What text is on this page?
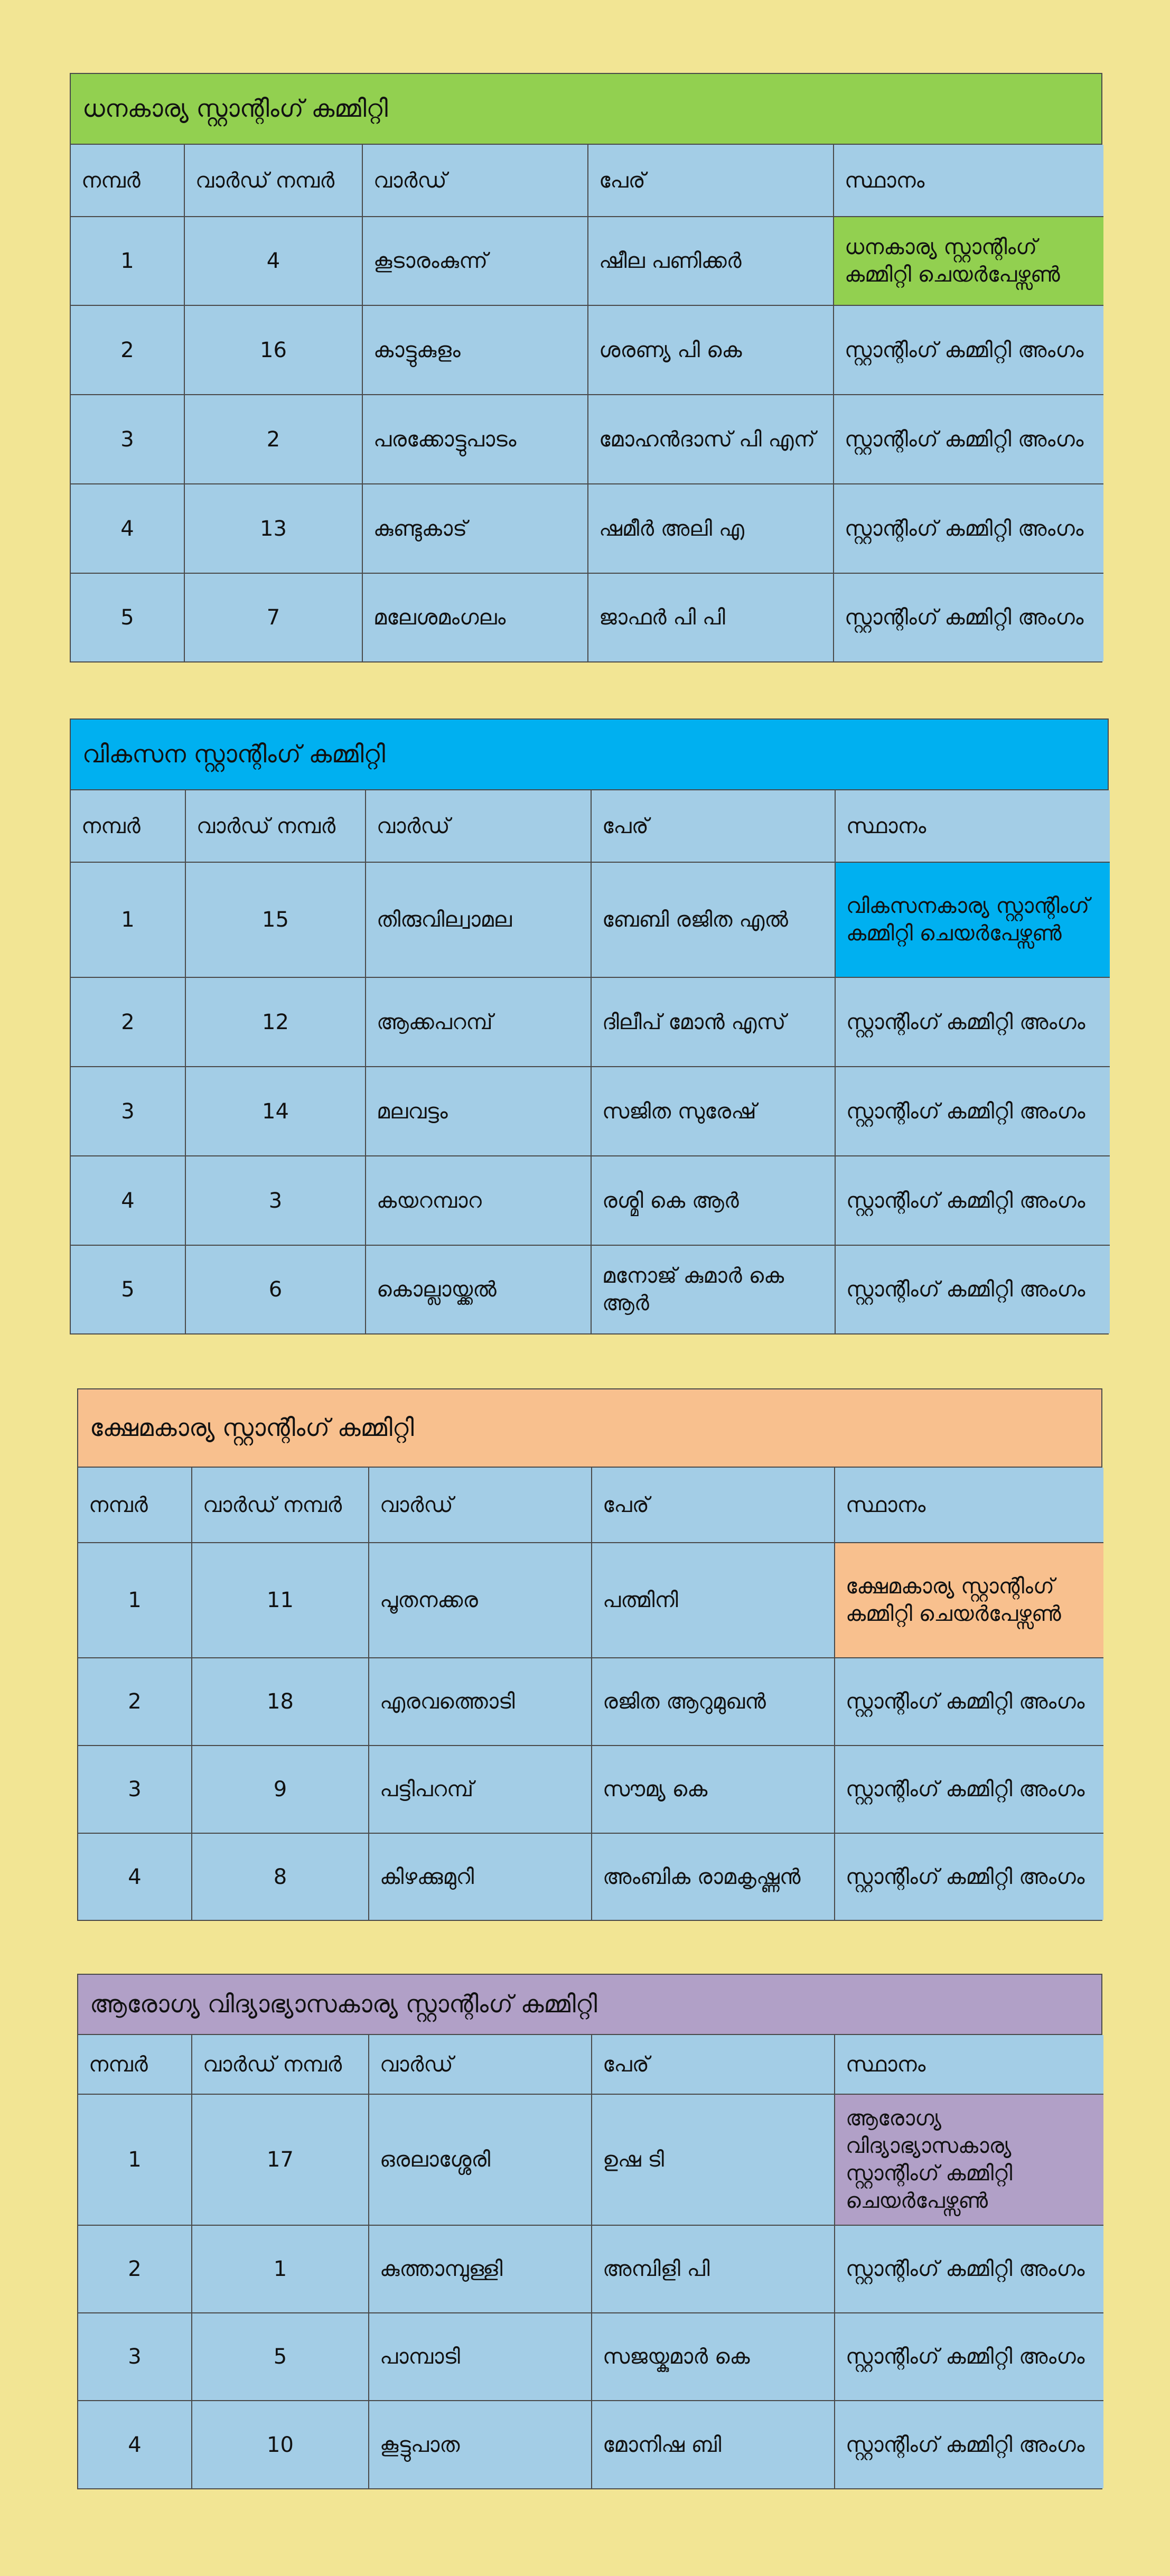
ധനകാര്യ സ്റ്റാന്റിംഗ് കമ്മിറ്റി
നമ്പർ	വാർഡ് നമ്പർ	വാർഡ്	പേര്	സ്ഥാനം
1	4	കൂടാരംകുന്ന്	ഷീല പണിക്കർ	ധനകാര്യ സ്റ്റാന്റിംഗ് കമ്മിറ്റി ചെയർപേഴ്സൺ
2	16	കാട്ടുകുളം	ശരണ്യ പി കെ	സ്റ്റാന്റിംഗ് കമ്മിറ്റി അംഗം
3	2	പരക്കോട്ടുപാടം	മോഹൻദാസ് പി എന്	സ്റ്റാന്റിംഗ് കമ്മിറ്റി അംഗം
4	13	കുണ്ടുകാട്	ഷമീർ അലി എ	സ്റ്റാന്റിംഗ് കമ്മിറ്റി അംഗം
5	7	മലേശമംഗലം	ജാഫർ പി പി	സ്റ്റാന്റിംഗ് കമ്മിറ്റി അംഗം
വികസന സ്റ്റാന്റിംഗ് കമ്മിറ്റി
നമ്പർ	വാർഡ് നമ്പർ	വാർഡ്	പേര്	സ്ഥാനം
1	15	തിരുവില്വാമല	ബേബി രജിത എൽ	വികസനകാര്യ സ്റ്റാന്റിംഗ് കമ്മിറ്റി ചെയർപേഴ്സൺ
2	12	ആക്കപറമ്പ്	ദിലീപ് മോൻ എസ്	സ്റ്റാന്റിംഗ് കമ്മിറ്റി അംഗം
3	14	മലവട്ടം	സജിത സുരേഷ്	സ്റ്റാന്റിംഗ് കമ്മിറ്റി അംഗം
4	3	കയറമ്പാറ	രശ്മി കെ ആർ	സ്റ്റാന്റിംഗ് കമ്മിറ്റി അംഗം
5	6	കൊല്ലായ്ക്കൽ	മനോജ് കുമാർ കെ ആർ	സ്റ്റാന്റിംഗ് കമ്മിറ്റി അംഗം
ക്ഷേമകാര്യ സ്റ്റാന്റിംഗ് കമ്മിറ്റി
നമ്പർ	വാർഡ് നമ്പർ	വാർഡ്	പേര്	സ്ഥാനം
1	11	പൂതനക്കര	പത്മിനി	ക്ഷേമകാര്യ സ്റ്റാന്റിംഗ് കമ്മിറ്റി ചെയർപേഴ്സൺ
2	18	എരവത്തൊടി	രജിത ആറുമുഖൻ	സ്റ്റാന്റിംഗ് കമ്മിറ്റി അംഗം
3	9	പട്ടിപറമ്പ്	സൗമ്യ കെ	സ്റ്റാന്റിംഗ് കമ്മിറ്റി അംഗം
4	8	കിഴക്കുമുറി	അംബിക രാമകൃഷ്ണൻ	സ്റ്റാന്റിംഗ് കമ്മിറ്റി അംഗം
ആരോഗ്യ വിദ്യാഭ്യാസകാര്യ സ്റ്റാന്റിംഗ് കമ്മിറ്റി
നമ്പർ	വാർഡ് നമ്പർ	വാർഡ്	പേര്	സ്ഥാനം
1	17	ഒരലാശ്ശേരി	ഉഷ ടി	ആരോഗ്യ വിദ്യാഭ്യാസകാര്യ സ്റ്റാന്റിംഗ് കമ്മിറ്റി ചെയർപേഴ്സൺ
2	1	കുത്താമ്പുള്ളി	അമ്പിളി പി	സ്റ്റാന്റിംഗ് കമ്മിറ്റി അംഗം
3	5	പാമ്പാടി	സജയ്കുമാർ കെ	സ്റ്റാന്റിംഗ് കമ്മിറ്റി അംഗം
4	10	കൂട്ടുപാത	മോനിഷ ബി	സ്റ്റാന്റിംഗ് കമ്മിറ്റി അംഗം
